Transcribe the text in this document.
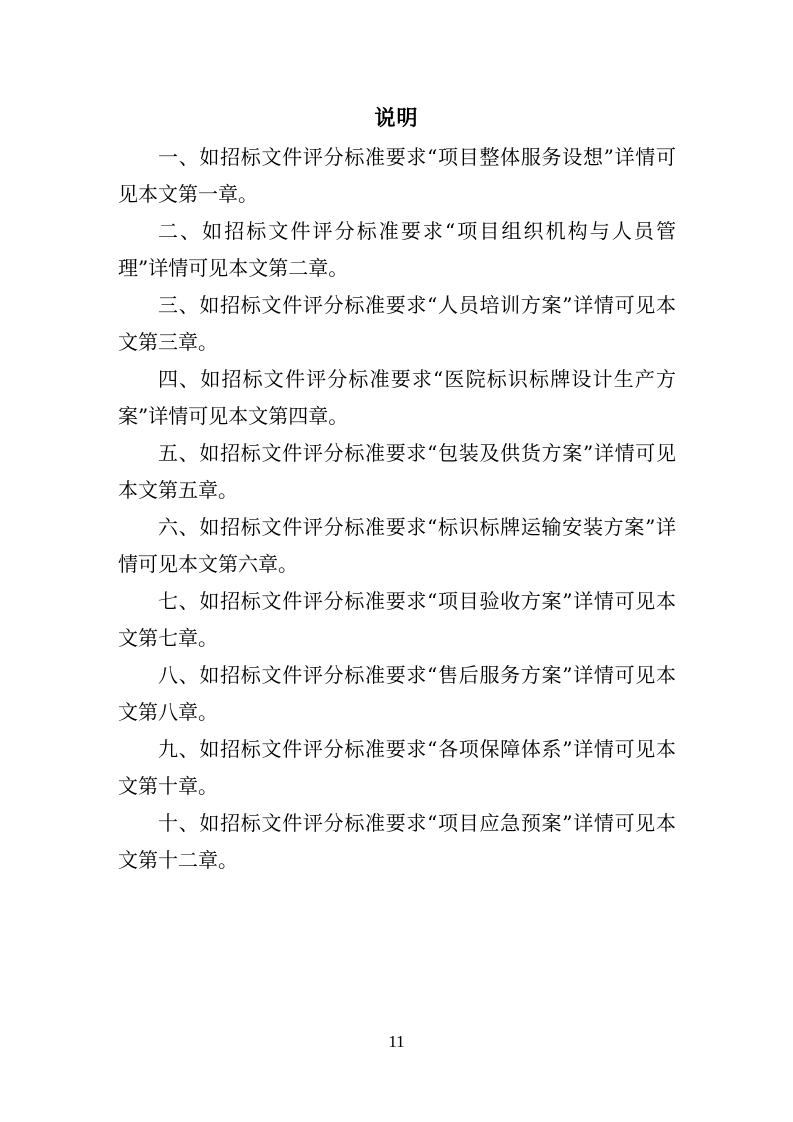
说明

一、如招标文件评分标准要求“项目整体服务设想”详情可见本文第一章。

二、如招标文件评分标准要求“项目组织机构与人员管理”详情可见本文第二章。

三、如招标文件评分标准要求“人员培训方案”详情可见本文第三章。

四、如招标文件评分标准要求“医院标识标牌设计生产方案”详情可见本文第四章。

五、如招标文件评分标准要求“包装及供货方案”详情可见本文第五章。

六、如招标文件评分标准要求“标识标牌运输安装方案”详情可见本文第六章。

七、如招标文件评分标准要求“项目验收方案”详情可见本文第七章。

八、如招标文件评分标准要求“售后服务方案”详情可见本文第八章。

九、如招标文件评分标准要求“各项保障体系”详情可见本文第十章。

十、如招标文件评分标准要求“项目应急预案”详情可见本文第十二章。

11
